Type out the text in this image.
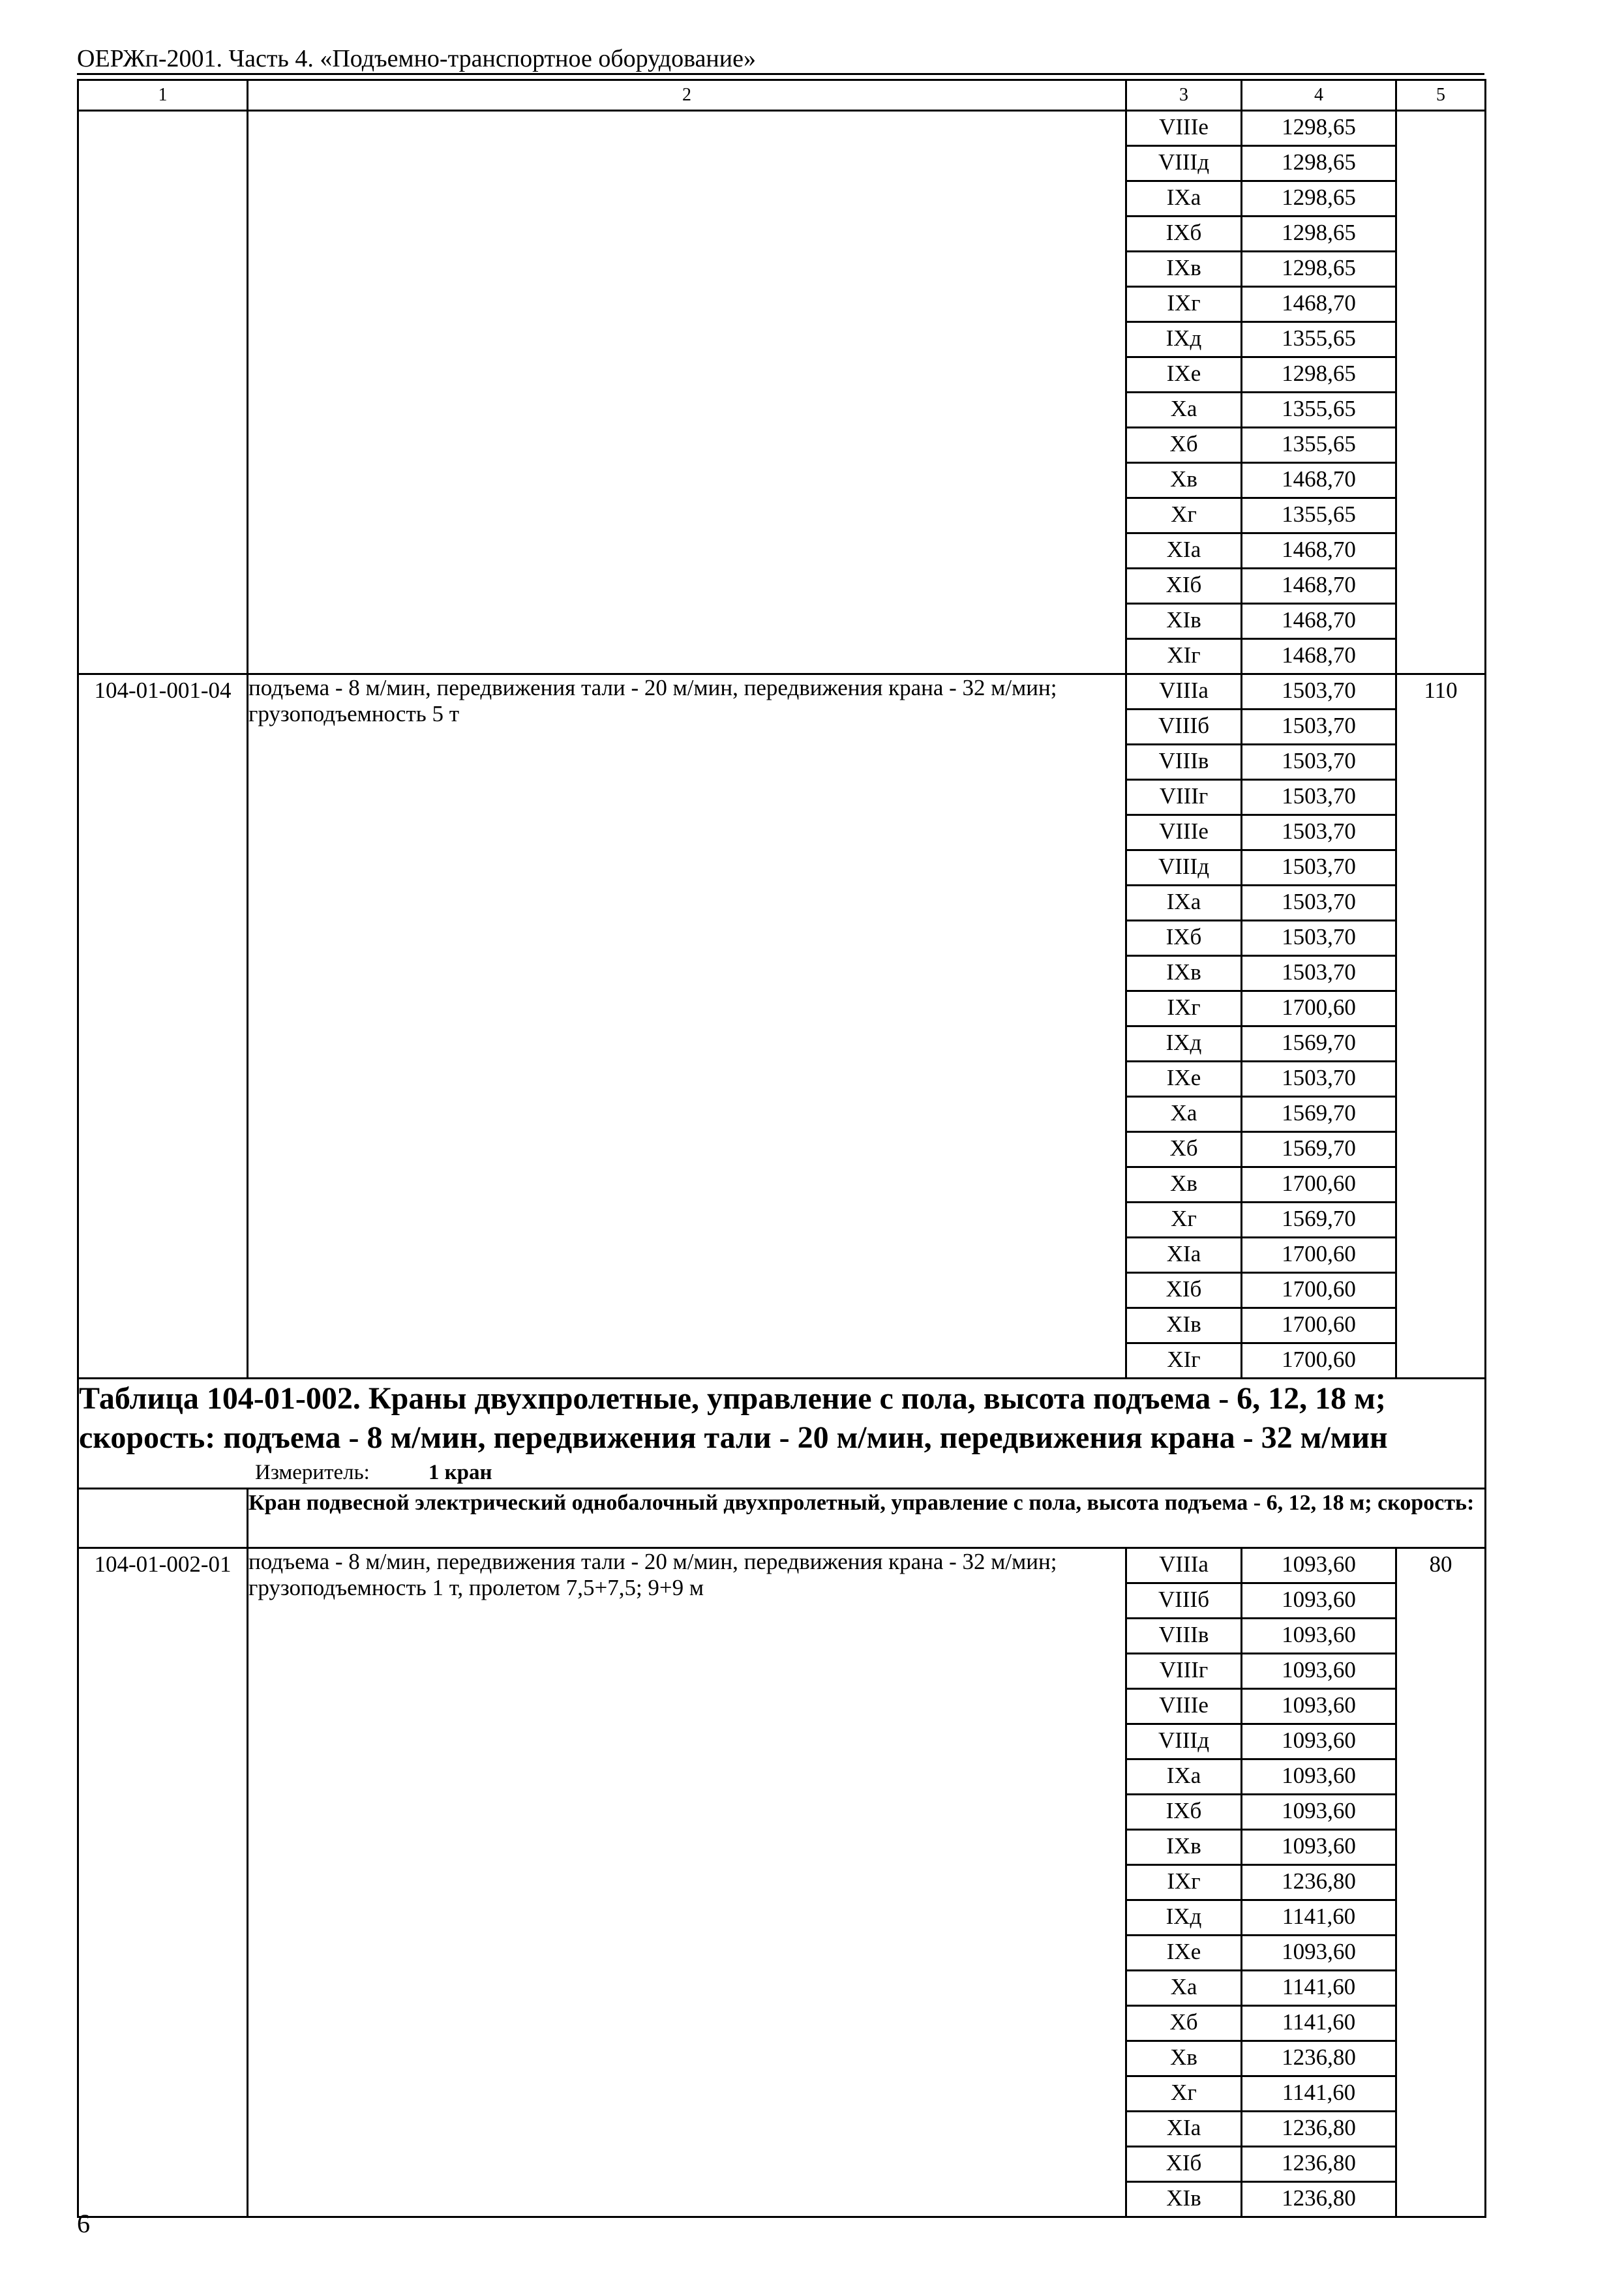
ОЕРЖп-2001. Часть 4. «Подъемно-транспортное оборудование»
1	2	3	4	5
		VIIIе	1298,65	
		VIIIд	1298,65	
		IXа	1298,65	
		IXб	1298,65	
		IXв	1298,65	
		IXг	1468,70	
		IXд	1355,65	
		IXе	1298,65	
		Xа	1355,65	
		Xб	1355,65	
		Xв	1468,70	
		Xг	1355,65	
		XIа	1468,70	
		XIб	1468,70	
		XIв	1468,70	
		XIг	1468,70	
104-01-001-04	подъема - 8 м/мин, передвижения тали - 20 м/мин, передвижения крана - 32 м/мин; грузоподъемность 5 т	VIIIа	1503,70	110
		VIIIб	1503,70	
		VIIIв	1503,70	
		VIIIг	1503,70	
		VIIIе	1503,70	
		VIIIд	1503,70	
		IXа	1503,70	
		IXб	1503,70	
		IXв	1503,70	
		IXг	1700,60	
		IXд	1569,70	
		IXе	1503,70	
		Xа	1569,70	
		Xб	1569,70	
		Xв	1700,60	
		Xг	1569,70	
		XIа	1700,60	
		XIб	1700,60	
		XIв	1700,60	
		XIг	1700,60	

Таблица 104-01-002. Краны двухпролетные, управление с пола, высота подъема - 6, 12, 18 м; скорость: подъема - 8 м/мин, передвижения тали - 20 м/мин, передвижения крана - 32 м/мин
Измеритель: 1 кран				

	Кран подвесной электрический однобалочный двухпролетный, управление с пола, высота подъема - 6, 12, 18 м; скорость:			
104-01-002-01	подъема - 8 м/мин, передвижения тали - 20 м/мин, передвижения крана - 32 м/мин; грузоподъемность 1 т, пролетом 7,5+7,5; 9+9 м	VIIIа	1093,60	80
		VIIIб	1093,60	
		VIIIв	1093,60	
		VIIIг	1093,60	
		VIIIе	1093,60	
		VIIIд	1093,60	
		IXа	1093,60	
		IXб	1093,60	
		IXв	1093,60	
		IXг	1236,80	
		IXд	1141,60	
		IXе	1093,60	
		Xа	1141,60	
		Xб	1141,60	
		Xв	1236,80	
		Xг	1141,60	
		XIа	1236,80	
		XIб	1236,80	
		XIв	1236,80	
6
